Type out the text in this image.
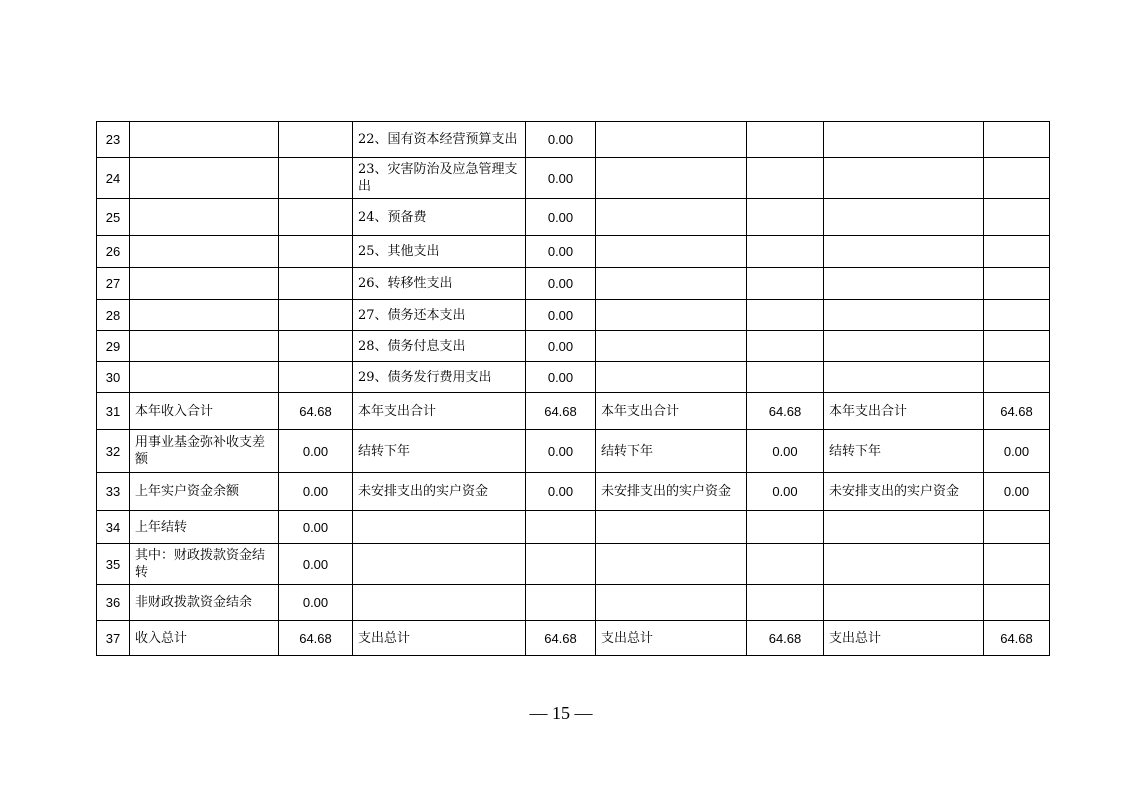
23			22、国有资本经营预算支出	0.00				
24			23、灾害防治及应急管理支出	0.00				
25			24、预备费	0.00				
26			25、其他支出	0.00				
27			26、转移性支出	0.00				
28			27、债务还本支出	0.00				
29			28、债务付息支出	0.00				
30			29、债务发行费用支出	0.00				
31	本年收入合计	64.68	本年支出合计	64.68	本年支出合计	64.68	本年支出合计	64.68
32	用事业基金弥补收支差额	0.00	结转下年	0.00	结转下年	0.00	结转下年	0.00
33	上年实户资金余额	0.00	未安排支出的实户资金	0.00	未安排支出的实户资金	0.00	未安排支出的实户资金	0.00
34	上年结转	0.00						
35	其中：财政拨款资金结转	0.00						
36	非财政拨款资金结余	0.00						
37	收入总计	64.68	支出总计	64.68	支出总计	64.68	支出总计	64.68
— 15 —
